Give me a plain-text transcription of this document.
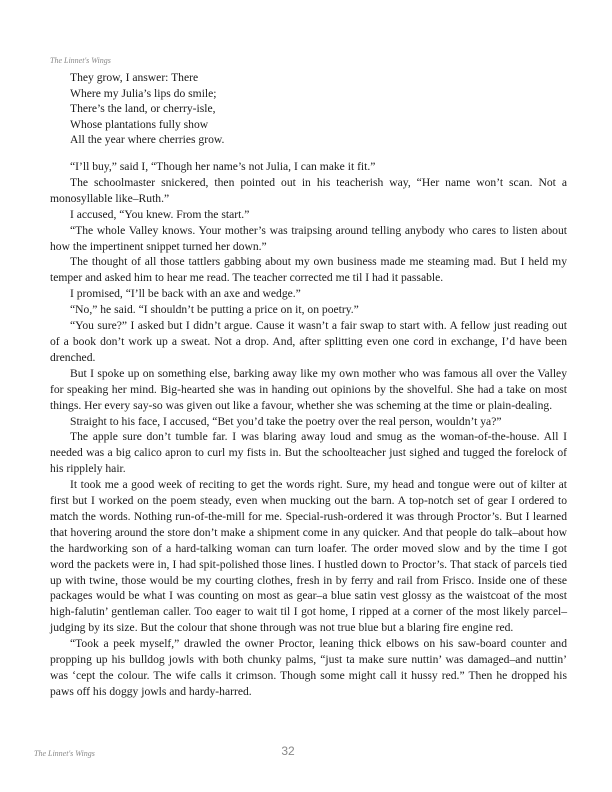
The Linnet's Wings
They grow, I answer: There
Where my Julia’s lips do smile;
There’s the land, or cherry-isle,
Whose plantations fully show
All the year where cherries grow.

“I’ll buy,” said I, “Though her name’s not Julia, I can make it fit.”

The schoolmaster snickered, then pointed out in his teacherish way, “Her name won’t scan. Not a monosyllable like–Ruth.”

I accused, “You knew. From the start.”

“The whole Valley knows. Your mother’s was traipsing around telling anybody who cares to listen about how the impertinent snippet turned her down.”

The thought of all those tattlers gabbing about my own business made me steaming mad. But I held my temper and asked him to hear me read. The teacher corrected me til I had it passable.

I promised, “I’ll be back with an axe and wedge.”

“No,” he said. “I shouldn’t be putting a price on it, on poetry.”

“You sure?” I asked but I didn’t argue. Cause it wasn’t a fair swap to start with. A fellow just reading out of a book don’t work up a sweat. Not a drop. And, after splitting even one cord in exchange, I’d have been drenched.

But I spoke up on something else, barking away like my own mother who was famous all over the Valley for speaking her mind. Big-hearted she was in handing out opinions by the shovelful. She had a take on most things. Her every say-so was given out like a favour, whether she was scheming at the time or plain-dealing.

Straight to his face, I accused, “Bet you’d take the poetry over the real person, wouldn’t ya?”

The apple sure don’t tumble far. I was blaring away loud and smug as the woman-of-the-house. All I needed was a big calico apron to curl my fists in. But the schoolteacher just sighed and tugged the forelock of his ripplely hair.

It took me a good week of reciting to get the words right. Sure, my head and tongue were out of kilter at first but I worked on the poem steady, even when mucking out the barn. A top-notch set of gear I ordered to match the words. Nothing run-of-the-mill for me. Special-rush-ordered it was through Proctor’s. But I learned that hovering around the store don’t make a shipment come in any quicker. And that people do talk–about how the hardworking son of a hard-talking woman can turn loafer. The order moved slow and by the time I got word the packets were in, I had spit-polished those lines. I hustled down to Proctor’s. That stack of parcels tied up with twine, those would be my courting clothes, fresh in by ferry and rail from Frisco. Inside one of these packages would be what I was counting on most as gear–a blue satin vest glossy as the waistcoat of the most high-falutin’ gentleman caller. Too eager to wait til I got home, I ripped at a corner of the most likely parcel–judging by its size. But the colour that shone through was not true blue but a blaring fire engine red.

“Took a peek myself,” drawled the owner Proctor, leaning thick elbows on his saw-board counter and propping up his bulldog jowls with both chunky palms, “just ta make sure nuttin’ was damaged–and nuttin’ was ‘cept the colour. The wife calls it crimson. Though some might call it hussy red.” Then he dropped his paws off his doggy jowls and hardy-harred.

The Linnet's Wings	32
